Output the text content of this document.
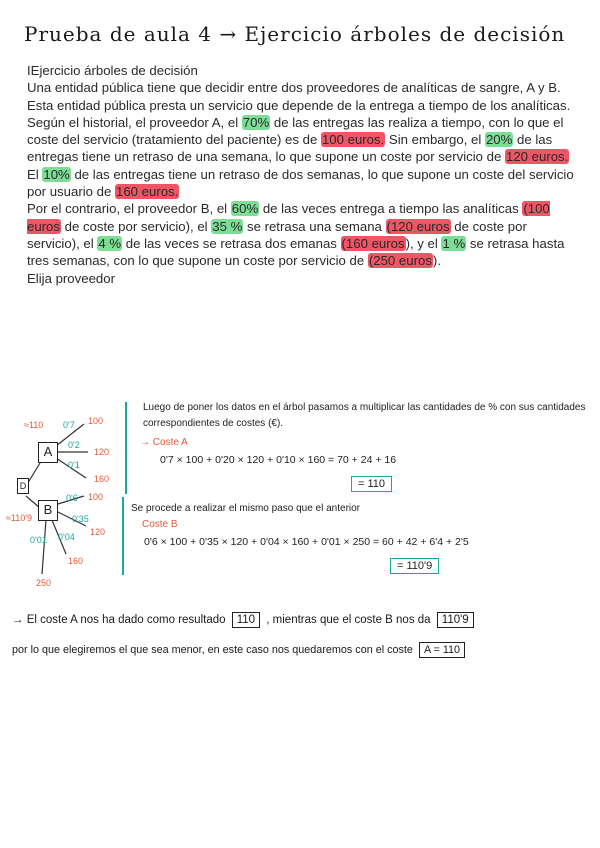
Prueba de aula 4 → Ejercicio árboles de decisión

IEjercicio árboles de decisión

Una entidad pública tiene que decidir entre dos proveedores de analíticas de sangre, A y B. Esta entidad pública presta un servicio que depende de la entrega a tiempo de los analíticas. Según el historial, el proveedor A, el 70% de las entregas las realiza a tiempo, con lo que el coste del servicio (tratamiento del paciente) es de 100 euros. Sin embargo, el 20% de las entregas tiene un retraso de una semana, lo que supone un coste por servicio de 120 euros. El 10% de las entregas tiene un retraso de dos semanas, lo que supone un coste del servicio por usuario de 160 euros.

Por el contrario, el proveedor B, el 60% de las veces entrega a tiempo las analíticas (100 euros de coste por servicio), el 35 % se retrasa una semana (120 euros de coste por servicio), el 4 % de las veces se retrasa dos emanas (160 euros), y el 1 % se retrasa hasta tres semanas, con lo que supone un coste por servicio de (250 euros).

Elija proveedor

D
A
B
≈110
≈110'9
0'7
0'2
0'1
100
120
160
0'6
0'35
0'04
0'01
100
120
160
250
Luego de poner los datos en el árbol pasamos a multiplicar las cantidades de % con sus cantidades correspondientes de costes (€).
→ Coste A
0'7 × 100 + 0'20 × 120 + 0'10 × 160 = 70 + 24 + 16
= 110
Se procede a realizar el mismo paso que el anterior
Coste B
0'6 × 100 + 0'35 × 120 + 0'04 × 160 + 0'01 × 250 = 60 + 42 + 6'4 + 2'5
= 110'9
→ El coste A nos ha dado como resultado 110 , mientras que el coste B nos da 110'9
por lo que elegiremos el que sea menor, en este caso nos quedaremos con el coste A = 110
